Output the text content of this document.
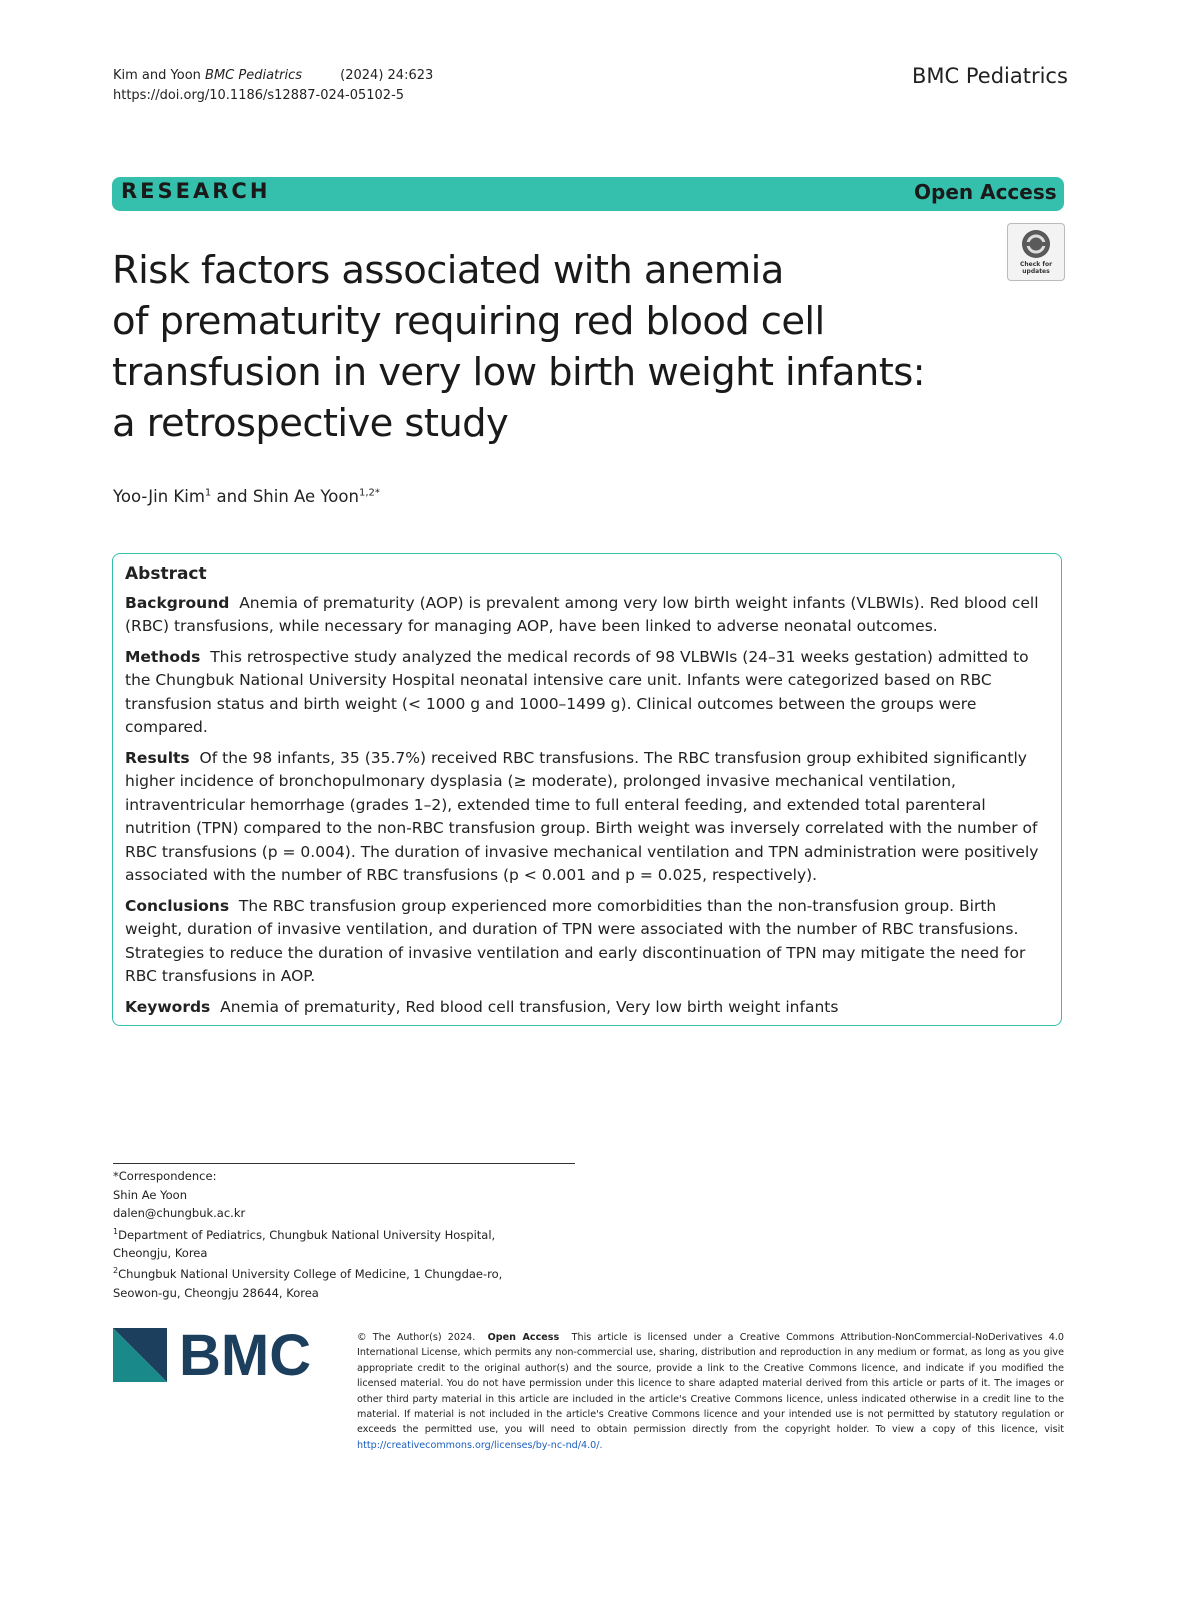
Kim and Yoon BMC Pediatrics	(2024) 24:623
https://doi.org/10.1186/s12887-024-05102-5
BMC Pediatrics
RESEARCH	Open Access
Risk factors associated with anemia
of prematurity requiring red blood cell
transfusion in very low birth weight infants:
a retrospective study
Check for
updates
Yoo-Jin Kim$^1$ and Shin Ae Yoon$^{1,2*}$
Abstract

Background Anemia of prematurity (AOP) is prevalent among very low birth weight infants (VLBWIs). Red blood cell (RBC) transfusions, while necessary for managing AOP, have been linked to adverse neonatal outcomes.

Methods This retrospective study analyzed the medical records of 98 VLBWIs (24–31 weeks gestation) admitted to the Chungbuk National University Hospital neonatal intensive care unit. Infants were categorized based on RBC transfusion status and birth weight (< 1000 g and 1000–1499 g). Clinical outcomes between the groups were compared.

Results Of the 98 infants, 35 (35.7%) received RBC transfusions. The RBC transfusion group exhibited significantly higher incidence of bronchopulmonary dysplasia (≥ moderate), prolonged invasive mechanical ventilation, intraventricular hemorrhage (grades 1–2), extended time to full enteral feeding, and extended total parenteral nutrition (TPN) compared to the non-RBC transfusion group. Birth weight was inversely correlated with the number of RBC transfusions (p = 0.004). The duration of invasive mechanical ventilation and TPN administration were positively associated with the number of RBC transfusions (p < 0.001 and p = 0.025, respectively).

Conclusions The RBC transfusion group experienced more comorbidities than the non-transfusion group. Birth weight, duration of invasive ventilation, and duration of TPN were associated with the number of RBC transfusions. Strategies to reduce the duration of invasive ventilation and early discontinuation of TPN may mitigate the need for RBC transfusions in AOP.

Keywords Anemia of prematurity, Red blood cell transfusion, Very low birth weight infants

*Correspondence:
Shin Ae Yoon
dalen@chungbuk.ac.kr
$^1$Department of Pediatrics, Chungbuk National University Hospital,
Cheongju, Korea
$^2$Chungbuk National University College of Medicine, 1 Chungdae-ro,
Seowon-gu, Cheongju 28644, Korea
BMC	© The Author(s) 2024. Open Access This article is licensed under a Creative Commons Attribution-NonCommercial-NoDerivatives 4.0 International License, which permits any non-commercial use, sharing, distribution and reproduction in any medium or format, as long as you give appropriate credit to the original author(s) and the source, provide a link to the Creative Commons licence, and indicate if you modified the licensed material. You do not have permission under this licence to share adapted material derived from this article or parts of it. The images or other third party material in this article are included in the article's Creative Commons licence, unless indicated otherwise in a credit line to the material. If material is not included in the article's Creative Commons licence and your intended use is not permitted by statutory regulation or exceeds the permitted use, you will need to obtain permission directly from the copyright holder. To view a copy of this licence, visit http://creativecommons.org/licenses/by-nc-nd/4.0/.
